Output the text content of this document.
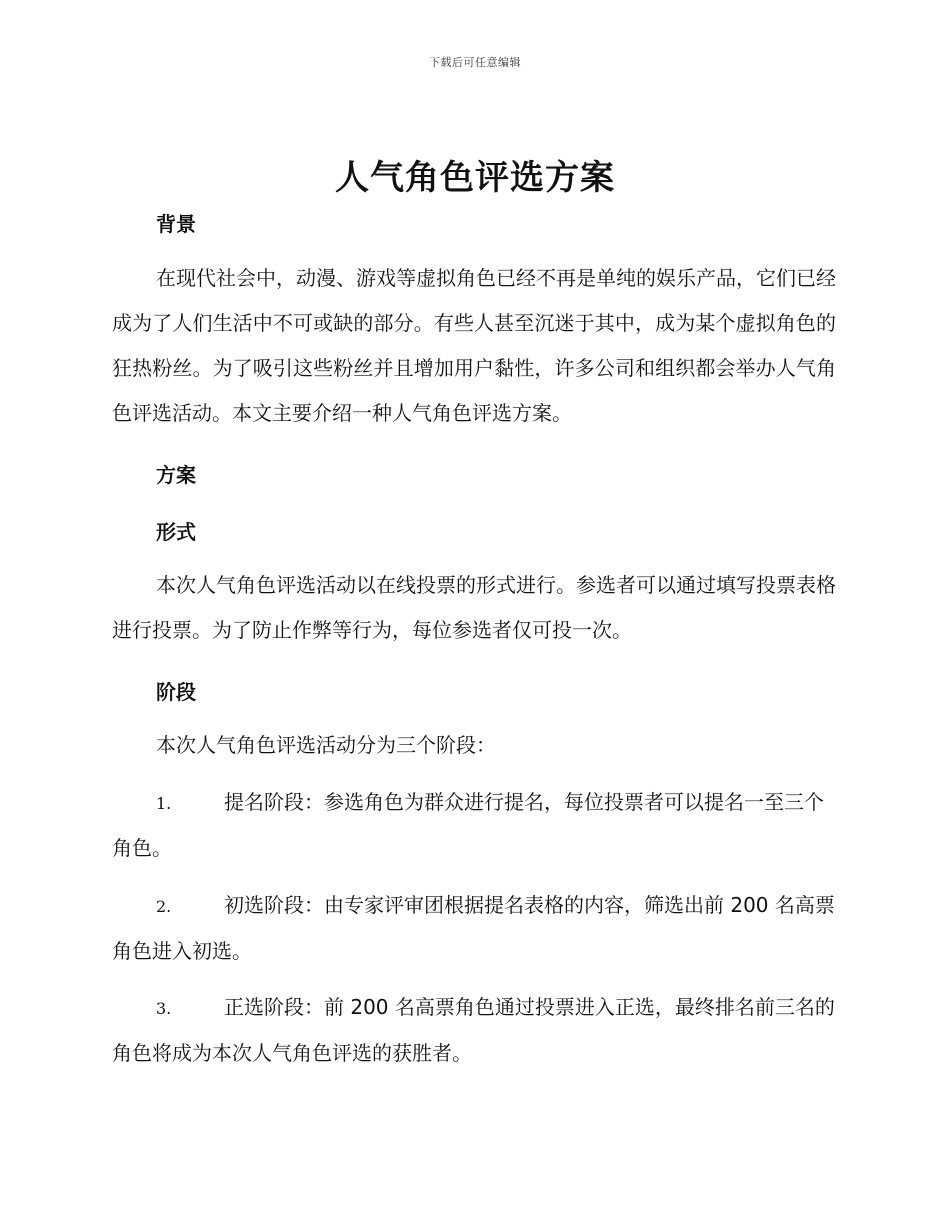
下载后可任意编辑
人气角色评选方案
背景

在现代社会中，动漫、游戏等虚拟角色已经不再是单纯的娱乐产品，它们已经成为了人们生活中不可或缺的部分。有些人甚至沉迷于其中，成为某个虚拟角色的狂热粉丝。为了吸引这些粉丝并且增加用户黏性，许多公司和组织都会举办人气角色评选活动。本文主要介绍一种人气角色评选方案。

方案
形式

本次人气角色评选活动以在线投票的形式进行。参选者可以通过填写投票表格进行投票。为了防止作弊等行为，每位参选者仅可投一次。

阶段

本次人气角色评选活动分为三个阶段：

1.	提名阶段：参选角色为群众进行提名，每位投票者可以提名一至三个角色。

2.	初选阶段：由专家评审团根据提名表格的内容，筛选出前 200 名高票角色进入初选。

3.	正选阶段：前 200 名高票角色通过投票进入正选，最终排名前三名的角色将成为本次人气角色评选的获胜者。
